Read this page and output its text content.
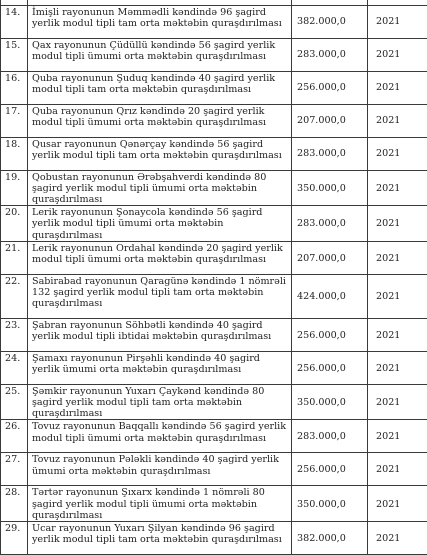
14.	İmişli rayonunun Məmmədli kəndində 96 şagird yerlik modul tipli tam orta məktəbin quraşdırılması	382.000,0	2021
15.	Qax rayonunun Çüdüllü kəndində 56 şagird yerlik modul tipli ümumi orta məktəbin quraşdırılması	283.000,0	2021
16.	Quba rayonunun Şuduq kəndində 40 şagird yerlik modul tipli tam orta məktəbin quraşdırılması	256.000,0	2021
17.	Quba rayonunun Qrız kəndində 20 şagird yerlik modul tipli ümumi orta məktəbin quraşdırılması	207.000,0	2021
18.	Qusar rayonunun Qənərçay kəndində 56 şagird yerlik modul tipli tam orta məktəbin quraşdırılması	283.000,0	2021
19.	Qobustan rayonunun Ərəbşahverdi kəndində 80 şagird yerlik modul tipli ümumi orta məktəbin quraşdırılması	350.000,0	2021
20.	Lerik rayonunun Şonaycola kəndində 56 şagird yerlik modul tipli ümumi orta məktəbin quraşdırılması	283.000,0	2021
21.	Lerik rayonunun Ordahal kəndində 20 şagird yerlik modul tipli ümumi orta məktəbin quraşdırılması	207.000,0	2021
22.	Sabirabad rayonunun Qaragünə kəndində 1 nömrəli 132 şagird yerlik modul tipli tam orta məktəbin quraşdırılması	424.000,0	2021
23.	Şabran rayonunun Söhbətli kəndində 40 şagird yerlik modul tipli ibtidai məktəbin quraşdırılması	256.000,0	2021
24.	Şamaxı rayonunun Pirşəhli kəndində 40 şagird yerlik ümumi orta məktəbin quraşdırılması	256.000,0	2021
25.	Şəmkir rayonunun Yuxarı Çaykənd kəndində 80 şagird yerlik modul tipli tam orta məktəbin quraşdırılması	350.000,0	2021
26.	Tovuz rayonunun Baqqallı kəndində 56 şagird yerlik modul tipli ümumi orta məktəbin quraşdırılması	283.000,0	2021
27.	Tovuz rayonunun Pələkli kəndində 40 şagird yerlik ümumi orta məktəbin quraşdırılması	256.000,0	2021
28.	Tərtər rayonunun Şıxarx kəndində 1 nömrəli 80 şagird yerlik modul tipli ümumi orta məktəbin quraşdırılması	350.000,0	2021
29.	Ucar rayonunun Yuxarı Şilyan kəndində 96 şagird yerlik modul tipli tam orta məktəbin quraşdırılması	382.000,0	2021
